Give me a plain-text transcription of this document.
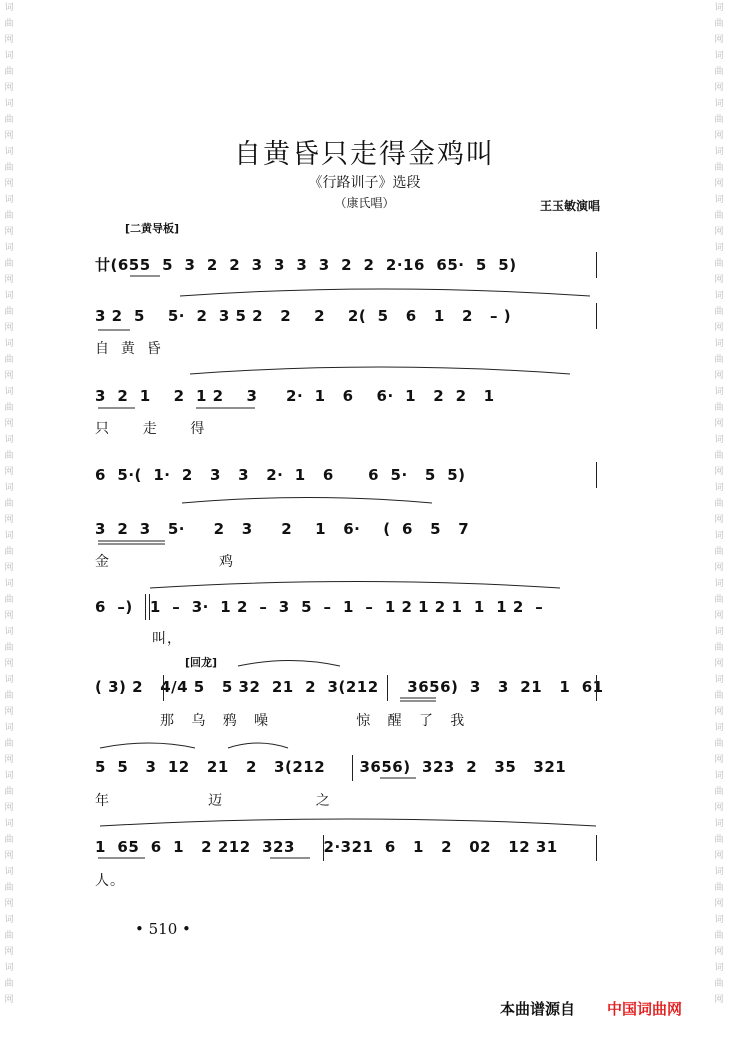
词
曲
网
词
曲
网
词
曲
网
词
曲
网
词
曲
网
词
曲
网
词
曲
网
词
曲
网
词
曲
网
词
曲
网
词
曲
网
词
曲
网
词
曲
网
词
曲
网
词
曲
网
词
曲
网
词
曲
网
词
曲
网
词
曲
网
词
曲
网
词
曲
网
词
曲
网
词
曲
网
词
曲
网
词
曲
网
词
曲
网
词
曲
网
词
曲
网
词
曲
网
词
曲
网
词
曲
网
词
曲
网
词
曲
网
词
曲
网
词
曲
网
词
曲
网
词
曲
网
词
曲
网
词
曲
网
词
曲
网
词
曲
网
词
曲
网
自黄昏只走得金鸡叫
《行路训子》选段
（康氏唱）	王玉敏演唱
[二黄导板]
[回龙]
廿(655  5  3  2  2  3  3  3  3  2  2  2·16  65·  5  5)
3 2  5    5·  2  3 5 2   2    2    2(  5   6   1   2   – )
3  2  1    2  1 2    3     2·  1   6    6·  1   2  2   1
6  5·(  1·  2   3   3   2·  1   6      6  5·   5  5)
3  2  3   5·     2   3     2    1   6·    (  6   5   7
6  –)   1  –  3·  1 2  –  3  5  –  1  –  1 2 1 2 1  1  1 2  –
( 3) 2   4/4 5   5 32  21  2  3(212     3656)  3   3  21   1  61
5  5   3  12   21   2   3(212      3656)  323  2   35   321
1  65  6  1   2 212  323     2·321  6   1   2   02   12 31
自  黄  昏
只      走      得
金                    鸡
叫，
那   乌   鸦   噪                惊   醒   了   我
年                  迈                 之
人。
• 510 •
本曲谱源自 中国词曲网
